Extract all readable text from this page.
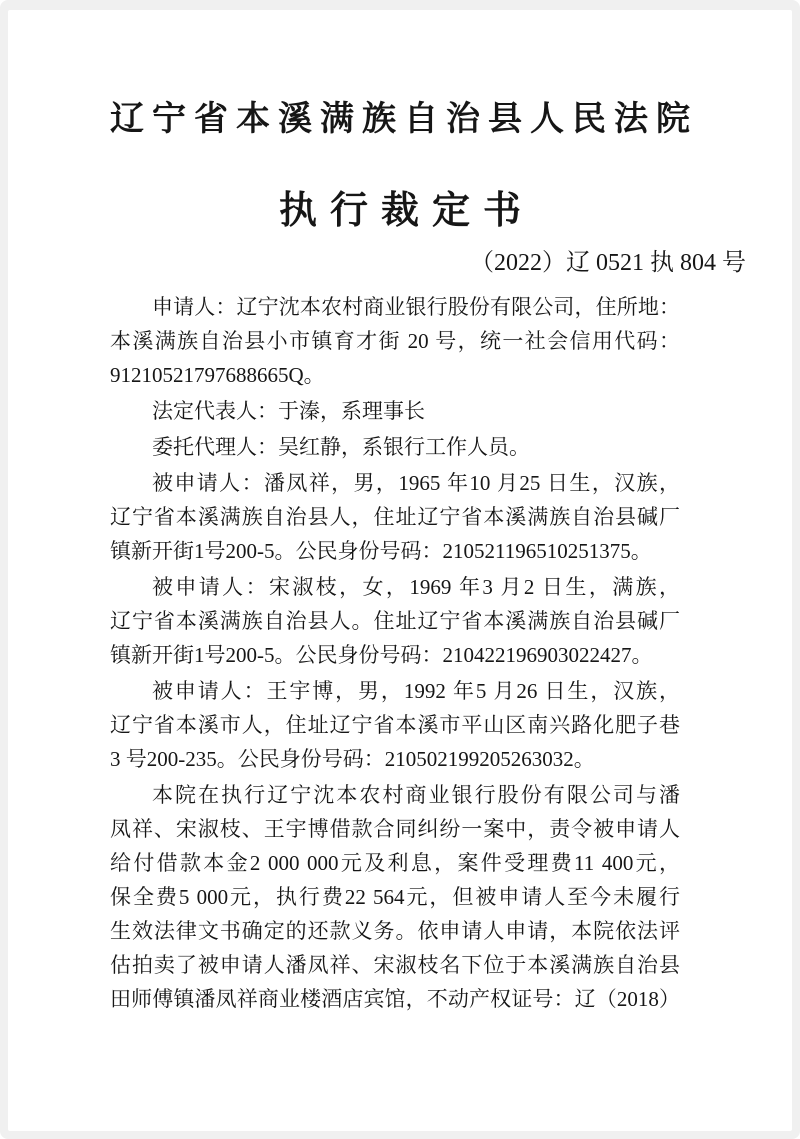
辽宁省本溪满族自治县人民法院
执行裁定书
（2022）辽 0521 执 804 号

申请人：辽宁沈本农村商业银行股份有限公司，住所地：
本溪满族自治县小市镇育才街 20 号，统一社会信用代码：
91210521797688665Q。

法定代表人：于溱，系理事长

委托代理人：吴红静，系银行工作人员。

被申请人：潘凤祥，男，1965 年10 月25 日生，汉族，
辽宁省本溪满族自治县人，住址辽宁省本溪满族自治县碱厂
镇新开街1号200-5。公民身份号码：210521196510251375。

被申请人：宋淑枝，女，1969 年3 月2 日生，满族，
辽宁省本溪满族自治县人。住址辽宁省本溪满族自治县碱厂
镇新开街1号200-5。公民身份号码：210422196903022427。

被申请人：王宇博，男，1992 年5 月26 日生，汉族，
辽宁省本溪市人，住址辽宁省本溪市平山区南兴路化肥子巷
3 号200-235。公民身份号码：210502199205263032。

本院在执行辽宁沈本农村商业银行股份有限公司与潘
凤祥、宋淑枝、王宇博借款合同纠纷一案中，责令被申请人
给付借款本金2 000 000元及利息，案件受理费11 400元，
保全费5 000元，执行费22 564元，但被申请人至今未履行
生效法律文书确定的还款义务。依申请人申请，本院依法评
估拍卖了被申请人潘凤祥、宋淑枝名下位于本溪满族自治县
田师傅镇潘凤祥商业楼酒店宾馆，不动产权证号：辽（2018）
